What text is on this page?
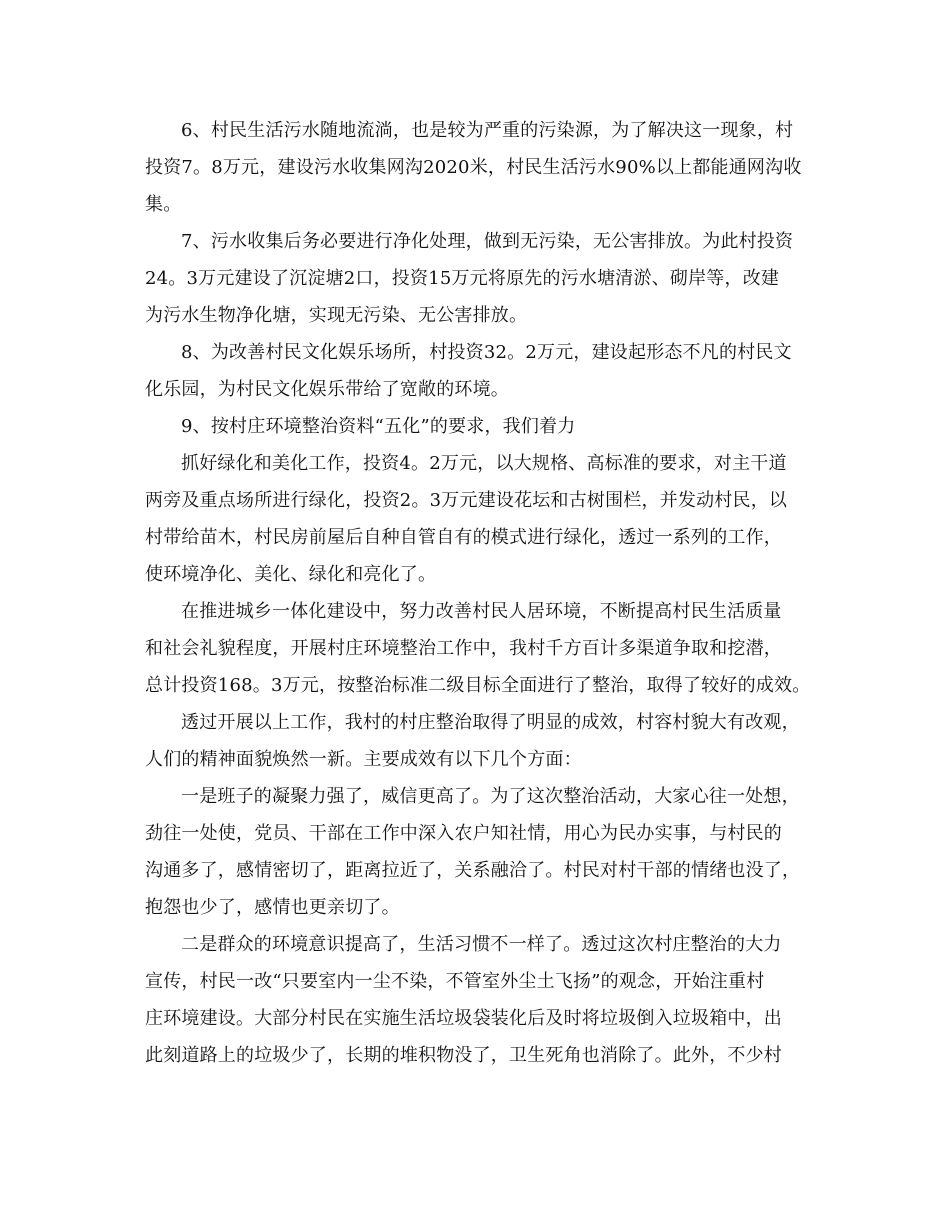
6、村民生活污水随地流淌，也是较为严重的污染源，为了解决这一现象，村
投资7。8万元，建设污水收集网沟2020米，村民生活污水90%以上都能通网沟收
集。
7、污水收集后务必要进行净化处理，做到无污染，无公害排放。为此村投资
24。3万元建设了沉淀塘2口，投资15万元将原先的污水塘清淤、砌岸等，改建
为污水生物净化塘，实现无污染、无公害排放。
8、为改善村民文化娱乐场所，村投资32。2万元，建设起形态不凡的村民文
化乐园，为村民文化娱乐带给了宽敞的环境。
9、按村庄环境整治资料“五化”的要求，我们着力
抓好绿化和美化工作，投资4。2万元，以大规格、高标准的要求，对主干道
两旁及重点场所进行绿化，投资2。3万元建设花坛和古树围栏，并发动村民，以
村带给苗木，村民房前屋后自种自管自有的模式进行绿化，透过一系列的工作，
使环境净化、美化、绿化和亮化了。
在推进城乡一体化建设中，努力改善村民人居环境，不断提高村民生活质量
和社会礼貌程度，开展村庄环境整治工作中，我村千方百计多渠道争取和挖潜，
总计投资168。3万元，按整治标准二级目标全面进行了整治，取得了较好的成效。
透过开展以上工作，我村的村庄整治取得了明显的成效，村容村貌大有改观，
人们的精神面貌焕然一新。主要成效有以下几个方面：
一是班子的凝聚力强了，威信更高了。为了这次整治活动，大家心往一处想，
劲往一处使，党员、干部在工作中深入农户知社情，用心为民办实事，与村民的
沟通多了，感情密切了，距离拉近了，关系融洽了。村民对村干部的情绪也没了，
抱怨也少了，感情也更亲切了。
二是群众的环境意识提高了，生活习惯不一样了。透过这次村庄整治的大力
宣传，村民一改“只要室内一尘不染，不管室外尘土飞扬”的观念，开始注重村
庄环境建设。大部分村民在实施生活垃圾袋装化后及时将垃圾倒入垃圾箱中，出
此刻道路上的垃圾少了，长期的堆积物没了，卫生死角也消除了。此外，不少村
